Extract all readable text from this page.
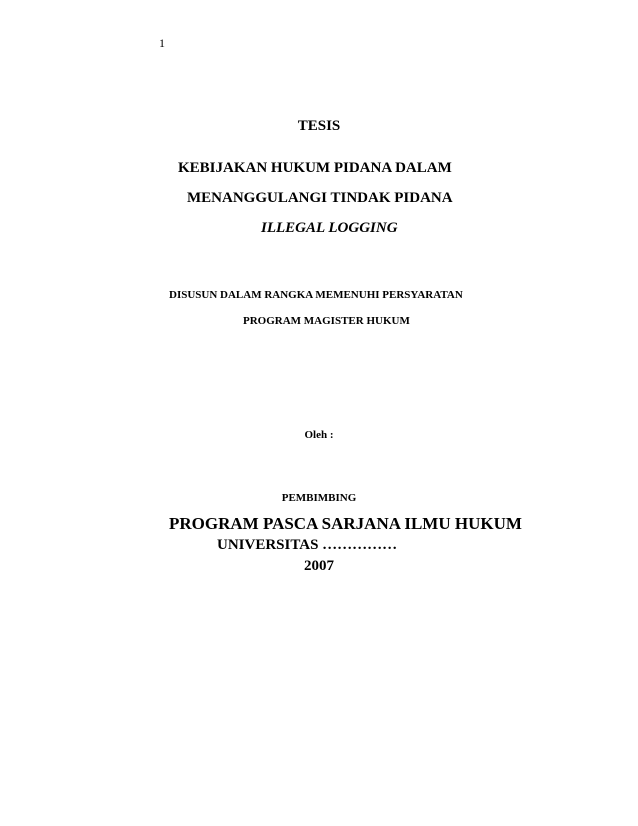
1

TESIS

KEBIJAKAN HUKUM PIDANA DALAM

MENANGGULANGI TINDAK PIDANA

ILLEGAL LOGGING

DISUSUN DALAM RANGKA MEMENUHI PERSYARATAN

PROGRAM MAGISTER HUKUM

Oleh :

PEMBIMBING

PROGRAM PASCA SARJANA ILMU HUKUM

UNIVERSITAS ……………

2007
